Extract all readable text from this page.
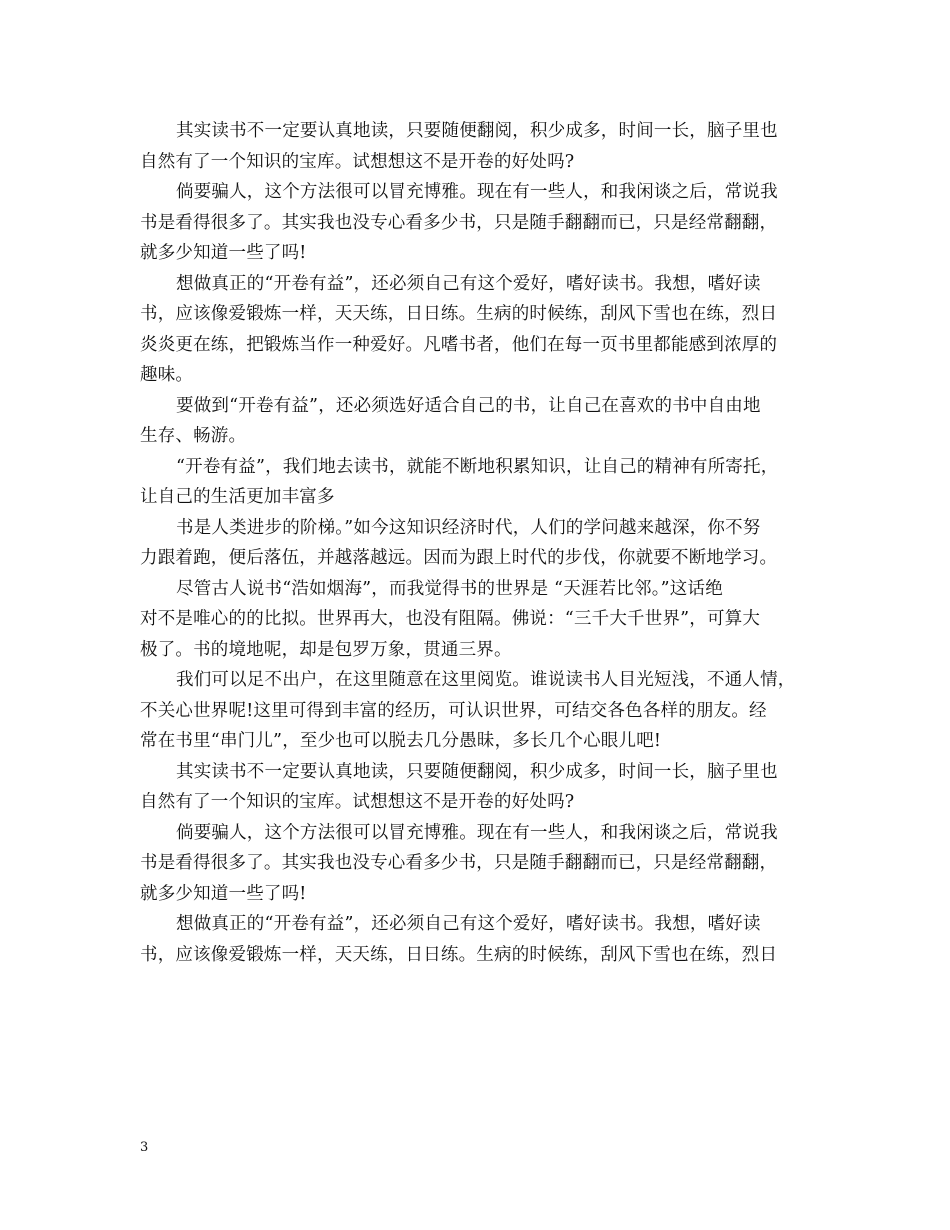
其实读书不一定要认真地读，只要随便翻阅，积少成多，时间一长，脑子里也
自然有了一个知识的宝库。试想想这不是开卷的好处吗?
倘要骗人，这个方法很可以冒充博雅。现在有一些人，和我闲谈之后，常说我
书是看得很多了。其实我也没专心看多少书，只是随手翻翻而已，只是经常翻翻，
就多少知道一些了吗!
想做真正的“开卷有益”，还必须自己有这个爱好，嗜好读书。我想，嗜好读
书，应该像爱锻炼一样，天天练，日日练。生病的时候练，刮风下雪也在练，烈日
炎炎更在练，把锻炼当作一种爱好。凡嗜书者，他们在每一页书里都能感到浓厚的
趣味。
要做到“开卷有益”，还必须选好适合自己的书，让自己在喜欢的书中自由地
生存、畅游。
“开卷有益”，我们地去读书，就能不断地积累知识，让自己的精神有所寄托，
让自己的生活更加丰富多
书是人类进步的阶梯。”如今这知识经济时代，人们的学问越来越深，你不努
力跟着跑，便后落伍，并越落越远。因而为跟上时代的步伐，你就要不断地学习。
尽管古人说书“浩如烟海”，而我觉得书的世界是 “天涯若比邻。”这话绝
对不是唯心的的比拟。世界再大，也没有阻隔。佛说：“三千大千世界”，可算大
极了。书的境地呢，却是包罗万象，贯通三界。
我们可以足不出户，在这里随意在这里阅览。谁说读书人目光短浅，不通人情，
不关心世界呢!这里可得到丰富的经历，可认识世界，可结交各色各样的朋友。经
常在书里“串门儿”，至少也可以脱去几分愚昧，多长几个心眼儿吧!
其实读书不一定要认真地读，只要随便翻阅，积少成多，时间一长，脑子里也
自然有了一个知识的宝库。试想想这不是开卷的好处吗?
倘要骗人，这个方法很可以冒充博雅。现在有一些人，和我闲谈之后，常说我
书是看得很多了。其实我也没专心看多少书，只是随手翻翻而已，只是经常翻翻，
就多少知道一些了吗!
想做真正的“开卷有益”，还必须自己有这个爱好，嗜好读书。我想，嗜好读
书，应该像爱锻炼一样，天天练，日日练。生病的时候练，刮风下雪也在练，烈日
3
